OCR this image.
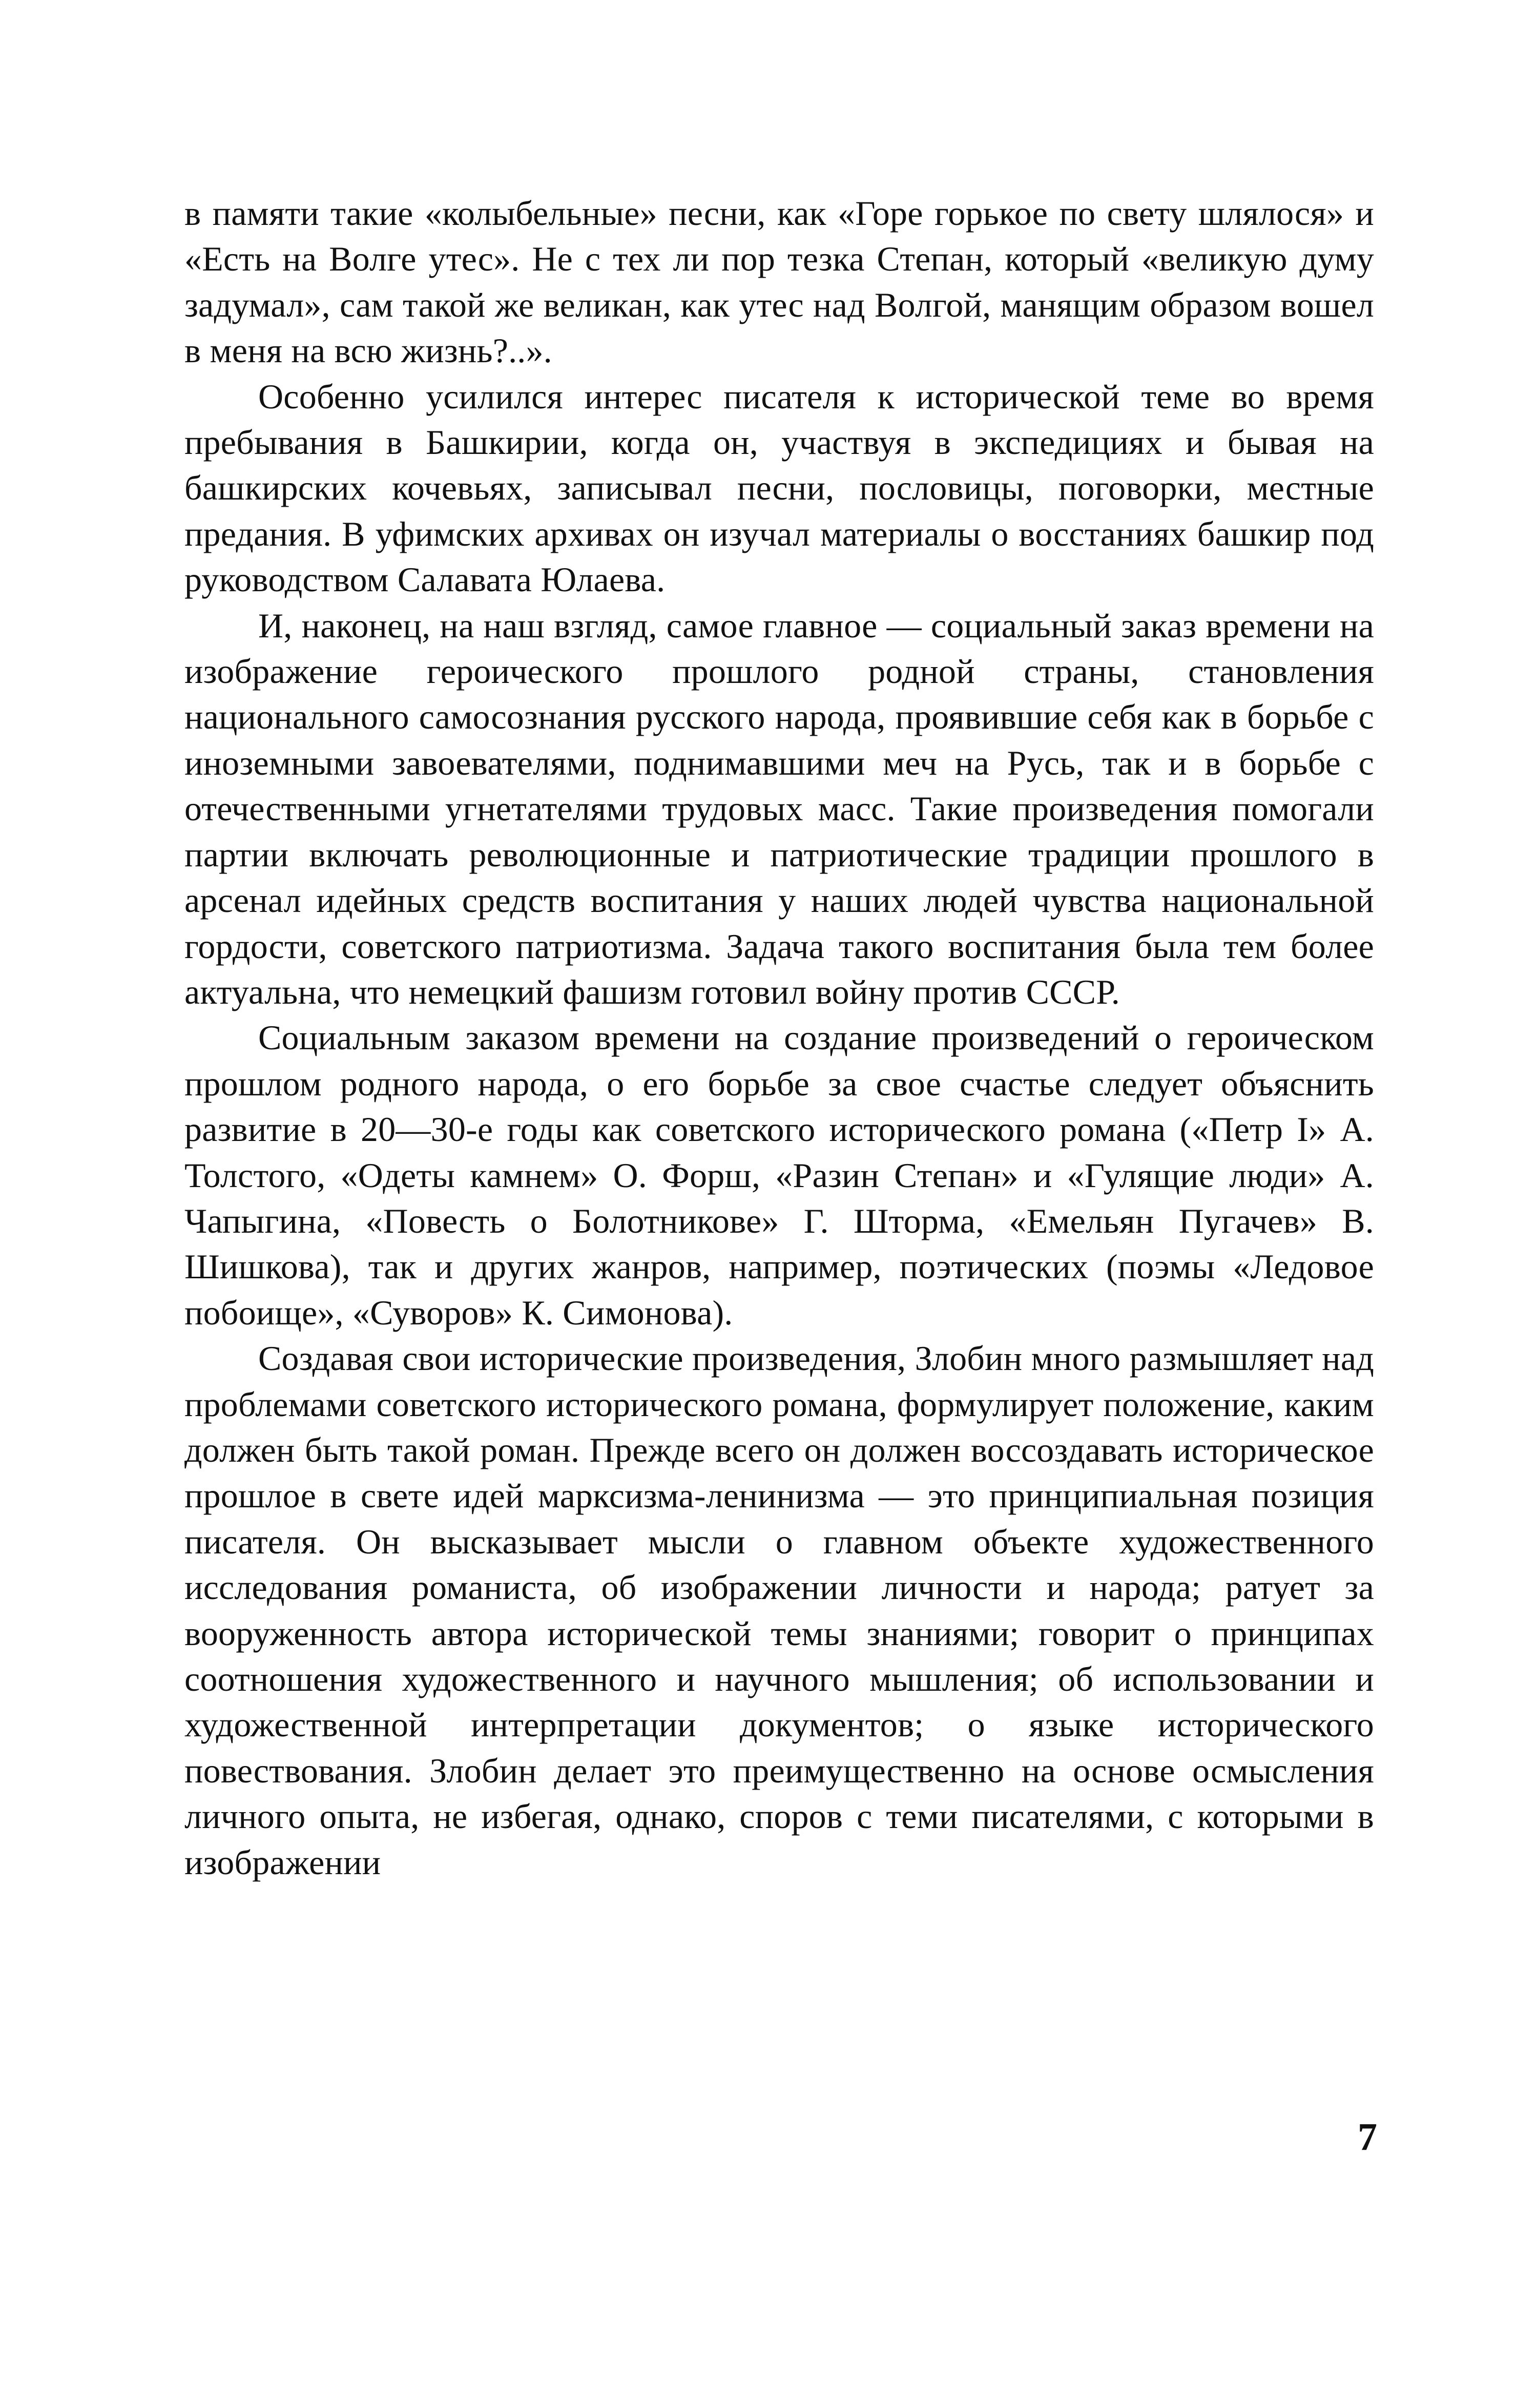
в памяти такие «колыбельные» песни, как «Горе горькое по свету шлялося» и «Есть на Волге утес». Не с тех ли пор тезка Степан, который «великую думу задумал», сам такой же великан, как утес над Волгой, манящим образом вошел в меня на всю жизнь?..».

Особенно усилился интерес писателя к исторической теме во время пребывания в Башкирии, когда он, участвуя в экспедициях и бывая на башкирских кочевьях, записывал песни, пословицы, поговорки, местные предания. В уфимских архивах он изучал материалы о восстаниях башкир под руководством Салавата Юлаева.

И, наконец, на наш взгляд, самое главное — социальный заказ времени на изображение героического прошлого родной страны, становления национального самосознания русского народа, проявившие себя как в борьбе с иноземными завоевателями, поднимавшими меч на Русь, так и в борьбе с отечественными угнетателями трудовых масс. Такие произведения помогали партии включать революционные и патриотические традиции прошлого в арсенал идейных средств воспитания у наших людей чувства национальной гордости, советского патриотизма. Задача такого воспитания была тем более актуальна, что немецкий фашизм готовил войну против СССР.

Социальным заказом времени на создание произведений о героическом прошлом родного народа, о его борьбе за свое счастье следует объяснить развитие в 20—30-е годы как советского исторического романа («Петр I» А. Толстого, «Одеты камнем» О. Форш, «Разин Степан» и «Гулящие люди» А. Чапыгина, «Повесть о Болотникове» Г. Шторма, «Емельян Пугачев» В. Шишкова), так и других жанров, например, поэтических (поэмы «Ледовое побоище», «Суворов» К. Симонова).

Создавая свои исторические произведения, Злобин много размышляет над проблемами советского исторического романа, формулирует положение, каким должен быть такой роман. Прежде всего он должен воссоздавать историческое прошлое в свете идей марксизма-ленинизма — это принципиальная позиция писателя. Он высказывает мысли о главном объекте художественного исследования романиста, об изображении личности и народа; ратует за вооруженность автора исторической темы знаниями; говорит о принципах соотношения художественного и научного мышления; об использовании и художественной интерпретации документов; о языке исторического повествования. Злобин делает это преимущественно на основе осмысления личного опыта, не избегая, однако, споров с теми писателями, с которыми в изображении

7
